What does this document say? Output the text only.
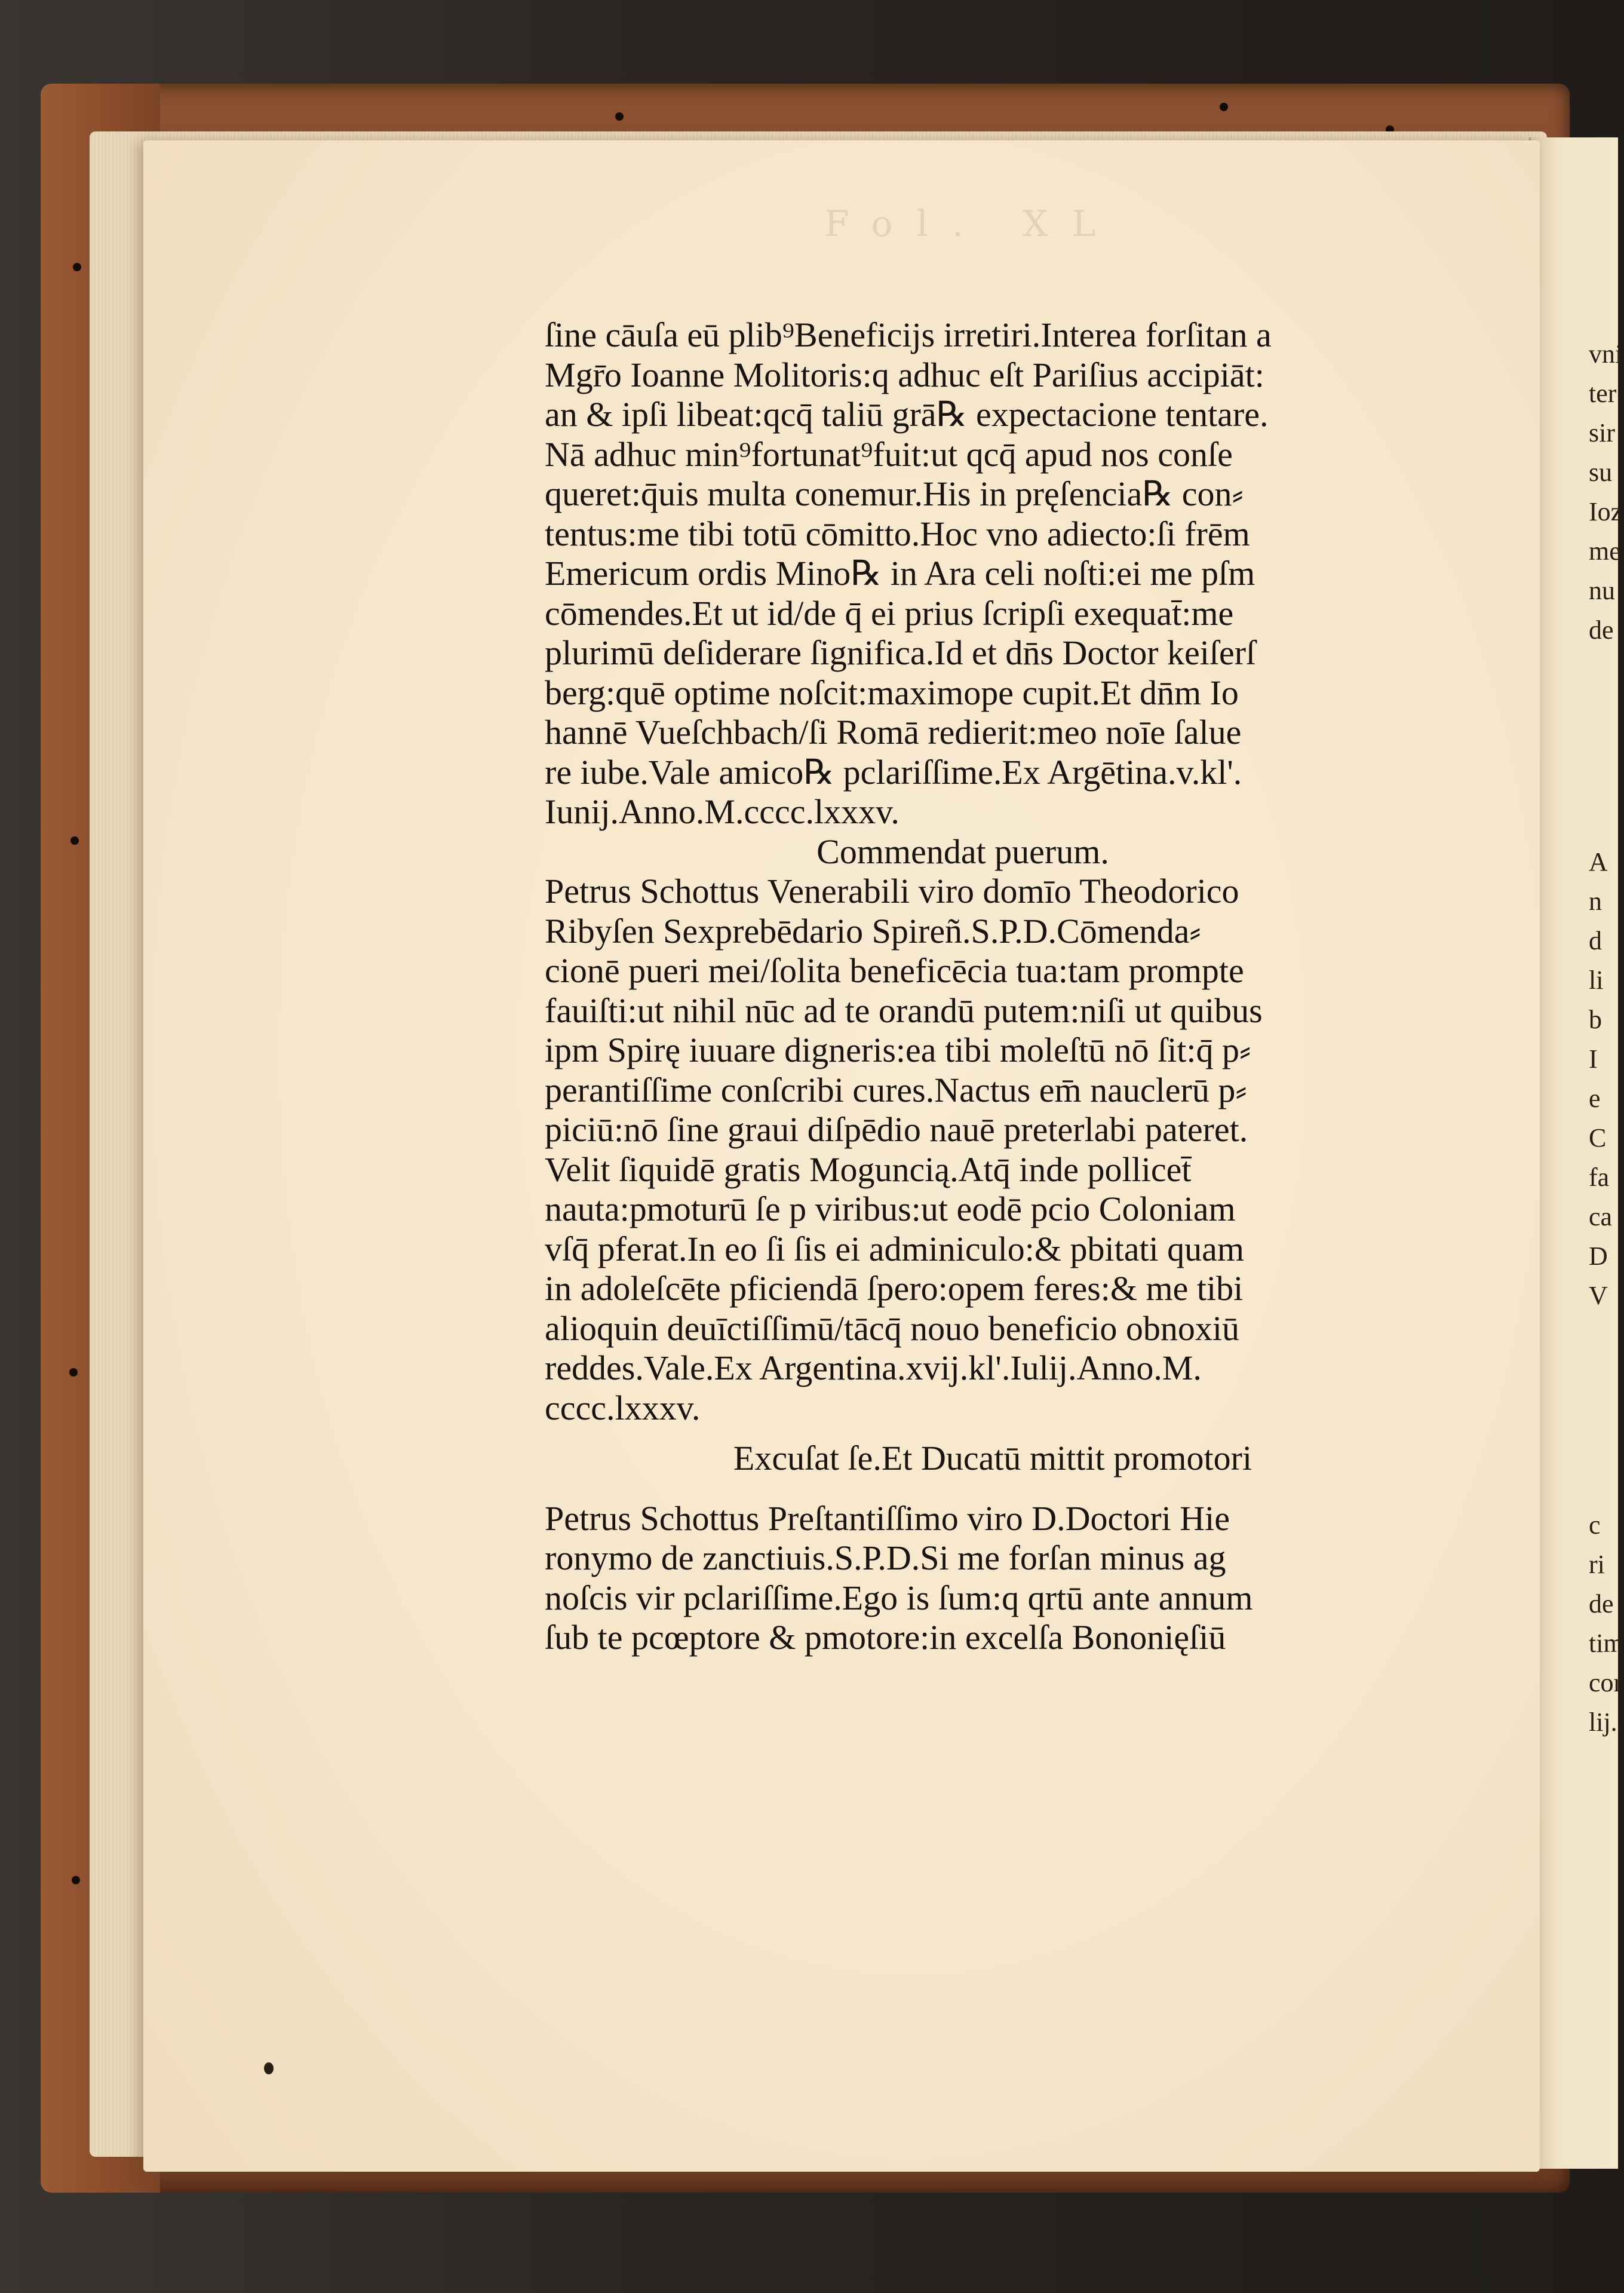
vni
ter
sir
su
Ioz
me
nu
de
A
n
d
li
b
I
e
C
fa
ca
D
V
c
ri
de
tim
cor
lij.
Fol. XL
ſine cāuſa eū plib⁹Beneficijs irretiri.Interea forſitan a
Mgr̄o Ioanne Molitoris:q adhuc eſt Pariſius accipiāt:
an & ipſi libeat:qcq̄ taliū grā℞ expectacione tentare.
Nā adhuc min⁹fortunat⁹fuit:ut qcq̄ apud nos conſe
queret:q̄uis multa conemur.His in pręſencia℞ con⸗
tentus:me tibi totū cōmitto.Hoc vno adiecto:ſi frēm
Emericum ordis Mino℞ in Ara celi noſti:ei me pſm
cōmendes.Et ut id/de q̄ ei prius ſcripſi exequat̄:me
plurimū deſiderare ſignifica.Id et dn̄s Doctor keiſerſ
berg:quē optime noſcit:maximope cupit.Et dn̄m Io
hannē Vueſchbach/ſi Romā redierit:meo noīe ſalue
re iube.Vale amico℞ pclariſſime.Ex Argētina.v.kl'.
Iunij.Anno.M.cccc.lxxxv.
Commendat puerum.
Petrus Schottus Venerabili viro domīo Theodorico
Ribyſen Sexprebēdario Spireñ.S.P.D.Cōmenda⸗
cionē pueri mei/ſolita beneficēcia tua:tam prompte
fauiſti:ut nihil nūc ad te orandū putem:niſi ut quibus
ipm Spirę iuuare digneris:ea tibi moleſtū nō ſit:q̄ p⸗
perantiſſime conſcribi cures.Nactus em̄ nauclerū p⸗
piciū:nō ſine graui diſpēdio nauē preterlabi pateret.
Velit ſiquidē gratis Moguncią.Atq̄ inde pollicet̄
nauta:pmoturū ſe p viribus:ut eodē pcio Coloniam
vſq̄ pferat.In eo ſi ſis ei adminiculo:& pbitati quam
in adoleſcēte pficiendā ſpero:opem feres:& me tibi
alioquin deuīctiſſimū/tācq̄ nouo beneficio obnoxiū
reddes.Vale.Ex Argentina.xvij.kl'.Iulij.Anno.M.
cccc.lxxxv.
Excuſat ſe.Et Ducatū mittit promotori
Petrus Schottus Preſtantiſſimo viro D.Doctori Hie
ronymo de zanctiuis.S.P.D.Si me forſan minus ag
noſcis vir pclariſſime.Ego is ſum:q qrtū ante annum
ſub te pcœptore & pmotore:in excelſa Bononięſiū
